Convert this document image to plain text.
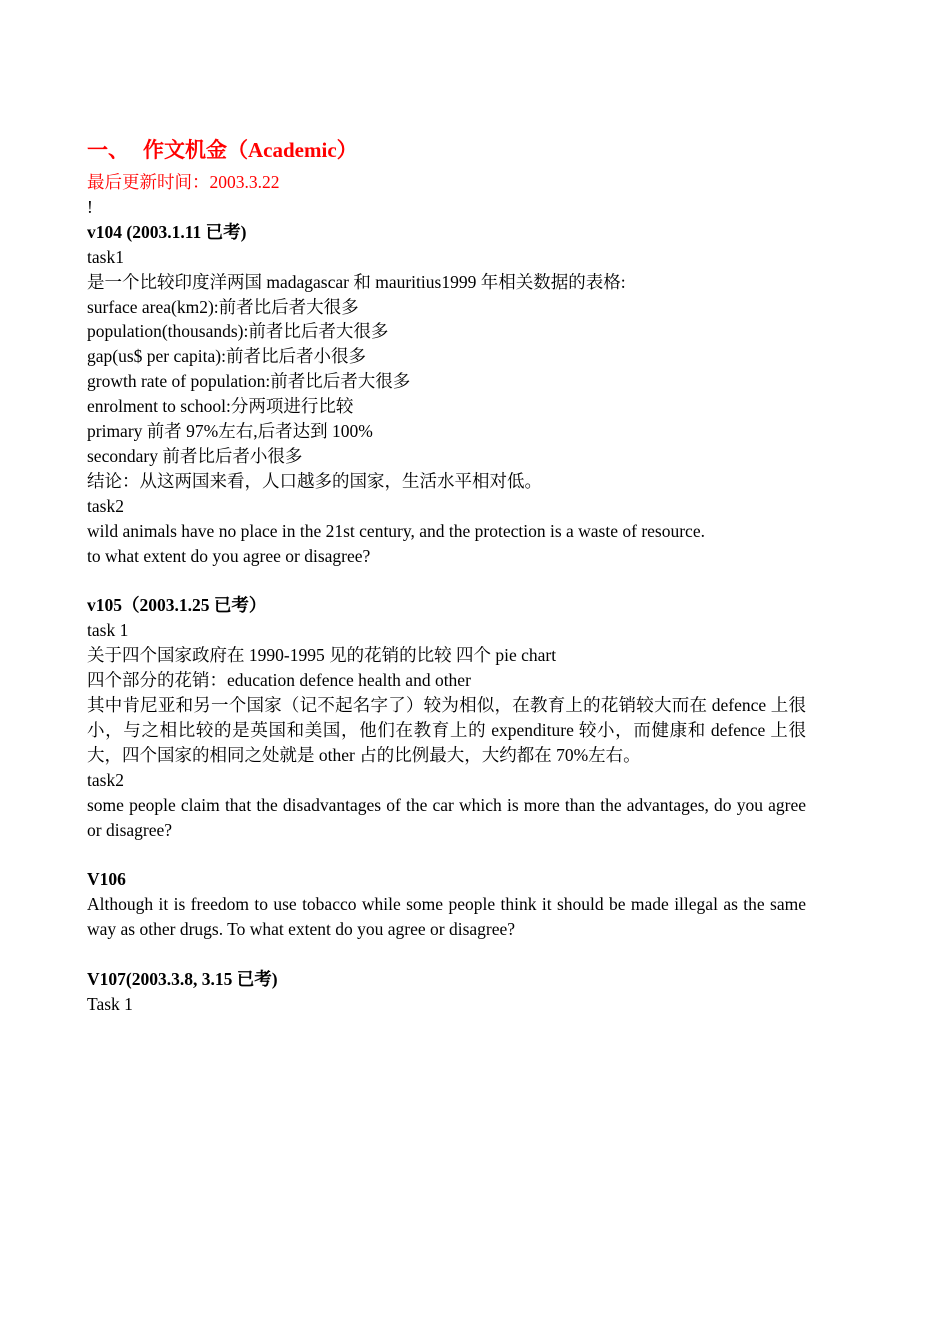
一、 作文机金（Academic）
最后更新时间：2003.3.22
!
v104 (2003.1.11 已考)
task1
是一个比较印度洋两国 madagascar 和 mauritius1999 年相关数据的表格:
surface area(km2):前者比后者大很多
population(thousands):前者比后者大很多
gap(us$ per capita):前者比后者小很多
growth rate of population:前者比后者大很多
enrolment to school:分两项进行比较
primary 前者 97%左右,后者达到 100%
secondary 前者比后者小很多
结论：从这两国来看，人口越多的国家，生活水平相对低。
task2
wild animals have no place in the 21st century, and the protection is a waste of resource.
to what extent do you agree or disagree?
v105（2003.1.25 已考）
task 1
关于四个国家政府在 1990-1995 见的花销的比较 四个 pie chart
四个部分的花销：education defence health and other
其中肯尼亚和另一个国家（记不起名字了）较为相似，在教育上的花销较大而在 defence 上很小，与之相比较的是英国和美国，他们在教育上的 expenditure 较小，而健康和 defence 上很大，四个国家的相同之处就是 other 占的比例最大，大约都在 70%左右。
task2
some people claim that the disadvantages of the car which is more than the advantages, do you agree or disagree?
V106
Although it is freedom to use tobacco while some people think it should be made illegal as the same way as other drugs. To what extent do you agree or disagree?
V107(2003.3.8, 3.15 已考)
Task 1
